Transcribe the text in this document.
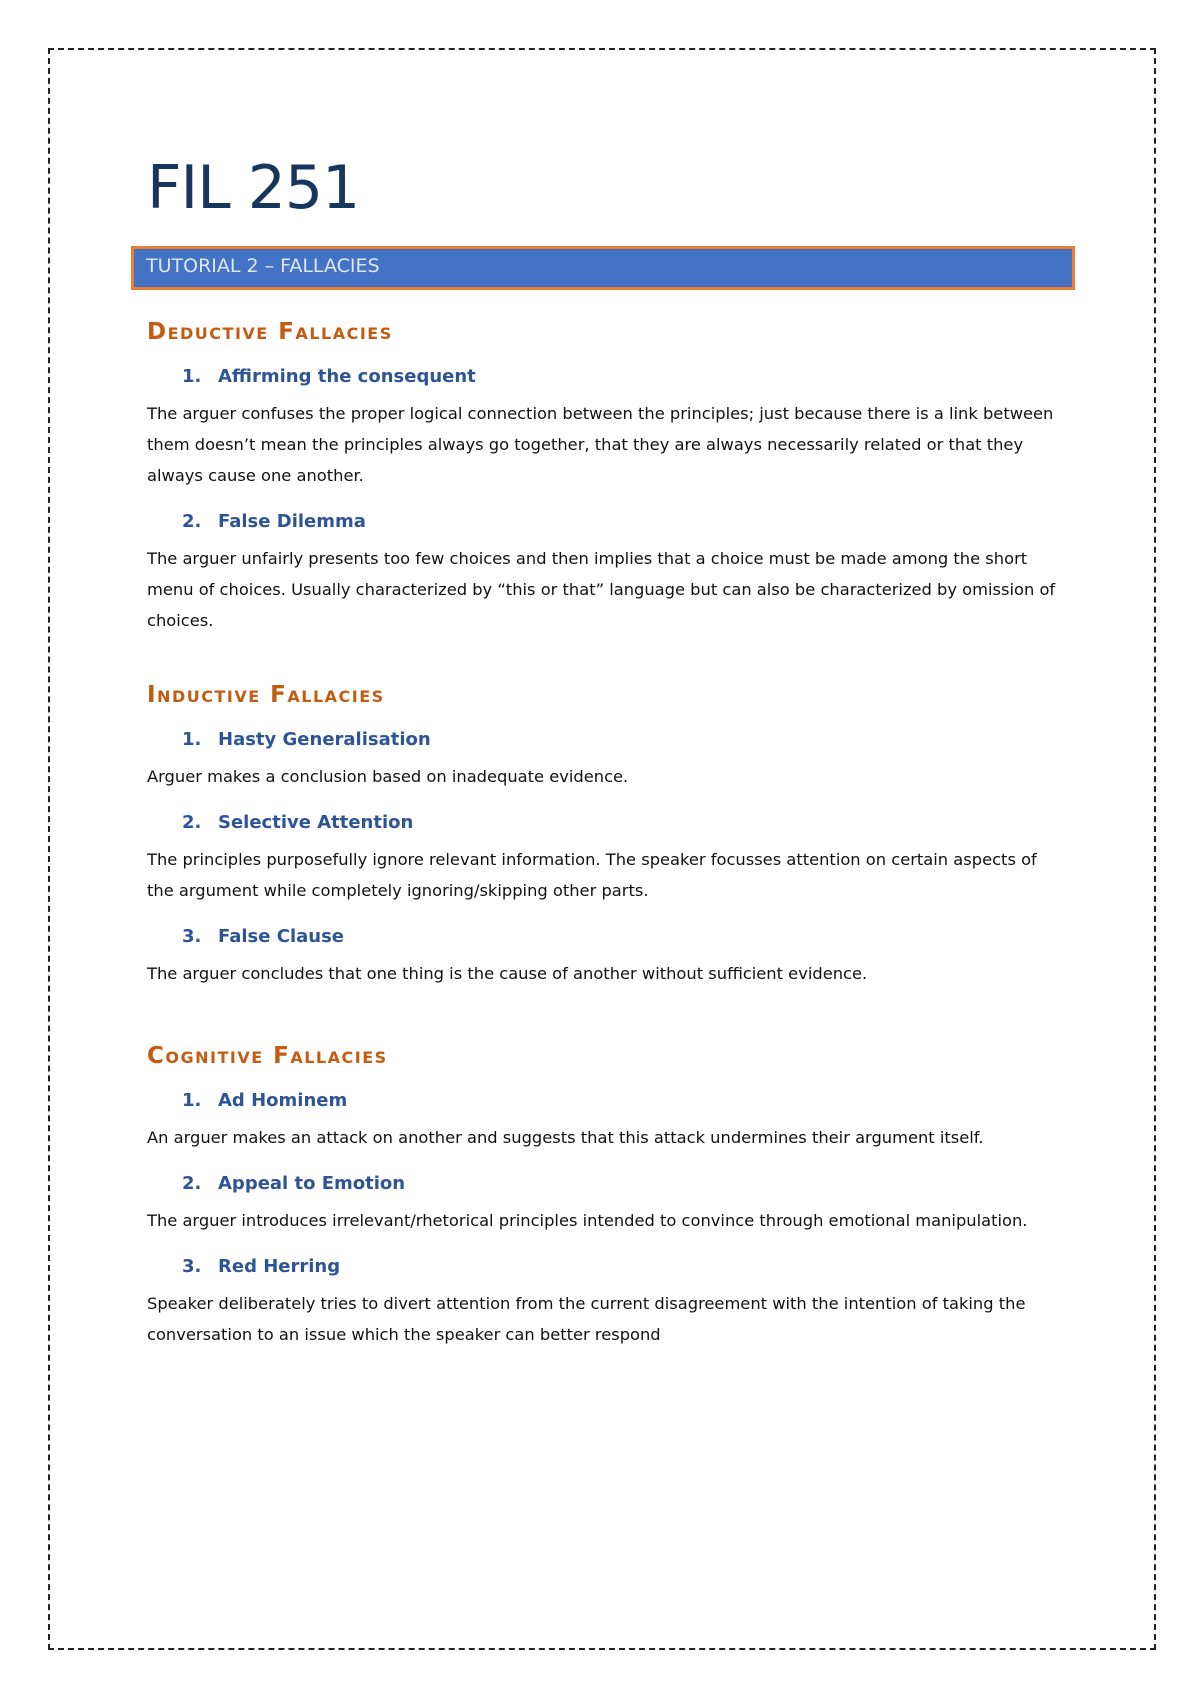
FIL 251
TUTORIAL 2 – FALLACIES
Deductive Fallacies
1. Affirming the consequent

The arguer confuses the proper logical connection between the principles; just because there is a link between them doesn’t mean the principles always go together, that they are always necessarily related or that they always cause one another.

2. False Dilemma

The arguer unfairly presents too few choices and then implies that a choice must be made among the short menu of choices. Usually characterized by “this or that” language but can also be characterized by omission of choices.

Inductive Fallacies
1. Hasty Generalisation

Arguer makes a conclusion based on inadequate evidence.

2. Selective Attention

The principles purposefully ignore relevant information. The speaker focusses attention on certain aspects of the argument while completely ignoring/skipping other parts.

3. False Clause

The arguer concludes that one thing is the cause of another without sufficient evidence.

Cognitive Fallacies
1. Ad Hominem

An arguer makes an attack on another and suggests that this attack undermines their argument itself.

2. Appeal to Emotion

The arguer introduces irrelevant/rhetorical principles intended to convince through emotional manipulation.

3. Red Herring

Speaker deliberately tries to divert attention from the current disagreement with the intention of taking the conversation to an issue which the speaker can better respond
